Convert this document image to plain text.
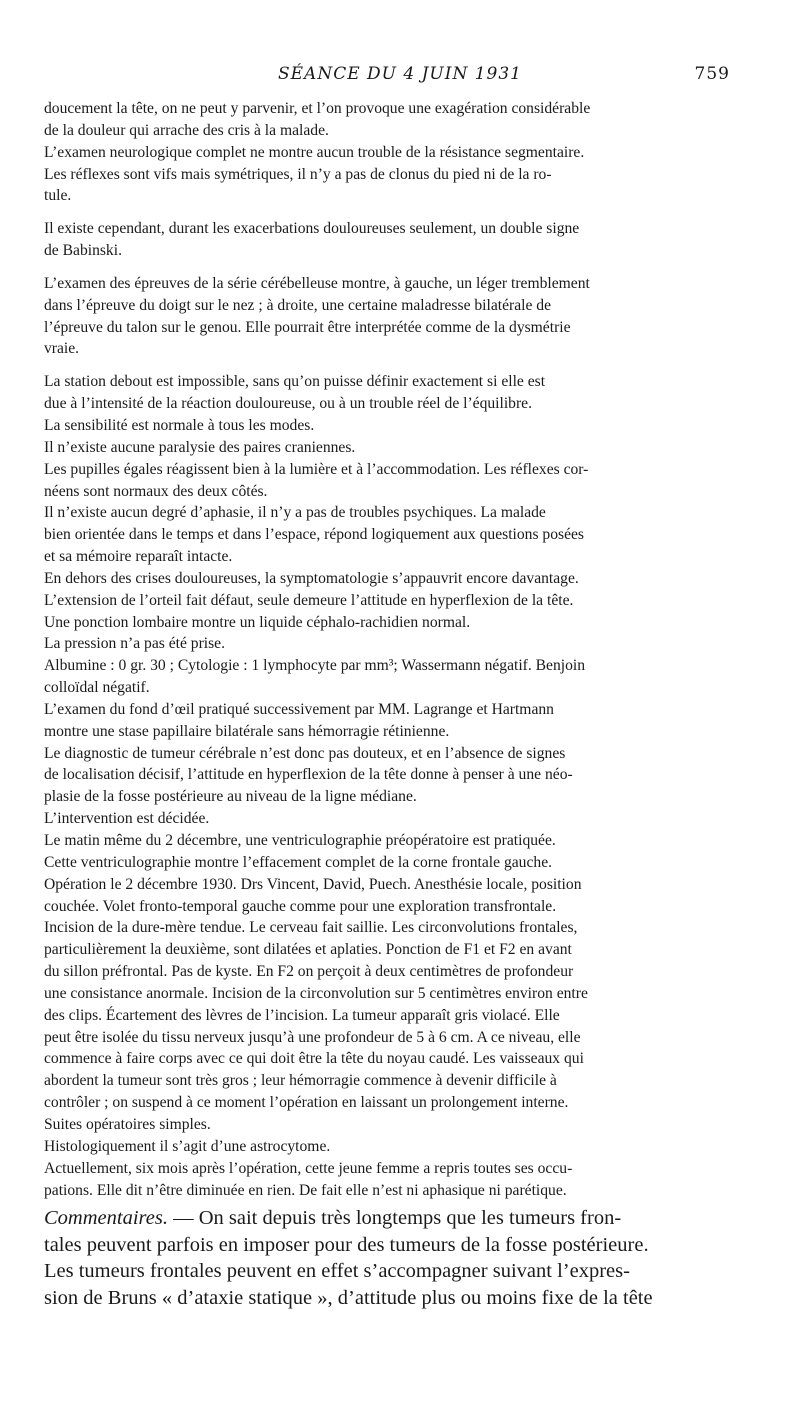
SÉANCE DU 4 JUIN 1931	759

doucement la tête, on ne peut y parvenir, et l’on provoque une exagération considérable

de la douleur qui arrache des cris à la malade.

L’examen neurologique complet ne montre aucun trouble de la résistance segmentaire.

Les réflexes sont vifs mais symétriques, il n’y a pas de clonus du pied ni de la ro-

tule.

Il existe cependant, durant les exacerbations douloureuses seulement, un double signe

de Babinski.

L’examen des épreuves de la série cérébelleuse montre, à gauche, un léger tremblement

dans l’épreuve du doigt sur le nez ; à droite, une certaine maladresse bilatérale de

l’épreuve du talon sur le genou. Elle pourrait être interprétée comme de la dysmétrie

vraie.

La station debout est impossible, sans qu’on puisse définir exactement si elle est

due à l’intensité de la réaction douloureuse, ou à un trouble réel de l’équilibre.

La sensibilité est normale à tous les modes.

Il n’existe aucune paralysie des paires craniennes.

Les pupilles égales réagissent bien à la lumière et à l’accommodation. Les réflexes cor-

néens sont normaux des deux côtés.

Il n’existe aucun degré d’aphasie, il n’y a pas de troubles psychiques. La malade

bien orientée dans le temps et dans l’espace, répond logiquement aux questions posées

et sa mémoire reparaît intacte.

En dehors des crises douloureuses, la symptomatologie s’appauvrit encore davantage.

L’extension de l’orteil fait défaut, seule demeure l’attitude en hyperflexion de la tête.

Une ponction lombaire montre un liquide céphalo-rachidien normal.

La pression n’a pas été prise.

Albumine : 0 gr. 30 ; Cytologie : 1 lymphocyte par mm³; Wassermann négatif. Benjoin

colloïdal négatif.

L’examen du fond d’œil pratiqué successivement par MM. Lagrange et Hartmann

montre une stase papillaire bilatérale sans hémorragie rétinienne.

Le diagnostic de tumeur cérébrale n’est donc pas douteux, et en l’absence de signes

de localisation décisif, l’attitude en hyperflexion de la tête donne à penser à une néo-

plasie de la fosse postérieure au niveau de la ligne médiane.

L’intervention est décidée.

Le matin même du 2 décembre, une ventriculographie préopératoire est pratiquée.

Cette ventriculographie montre l’effacement complet de la corne frontale gauche.

Opération le 2 décembre 1930. Drs Vincent, David, Puech. Anesthésie locale, position

couchée. Volet fronto-temporal gauche comme pour une exploration transfrontale.

Incision de la dure-mère tendue. Le cerveau fait saillie. Les circonvolutions frontales,

particulièrement la deuxième, sont dilatées et aplaties. Ponction de F1 et F2 en avant

du sillon préfrontal. Pas de kyste. En F2 on perçoit à deux centimètres de profondeur

une consistance anormale. Incision de la circonvolution sur 5 centimètres environ entre

des clips. Écartement des lèvres de l’incision. La tumeur apparaît gris violacé. Elle

peut être isolée du tissu nerveux jusqu’à une profondeur de 5 à 6 cm. A ce niveau, elle

commence à faire corps avec ce qui doit être la tête du noyau caudé. Les vaisseaux qui

abordent la tumeur sont très gros ; leur hémorragie commence à devenir difficile à

contrôler ; on suspend à ce moment l’opération en laissant un prolongement interne.

Suites opératoires simples.

Histologiquement il s’agit d’une astrocytome.

Actuellement, six mois après l’opération, cette jeune femme a repris toutes ses occu-

pations. Elle dit n’être diminuée en rien. De fait elle n’est ni aphasique ni parétique.

Commentaires. — On sait depuis très longtemps que les tumeurs fron-

tales peuvent parfois en imposer pour des tumeurs de la fosse postérieure.

Les tumeurs frontales peuvent en effet s’accompagner suivant l’expres-

sion de Bruns « d’ataxie statique », d’attitude plus ou moins fixe de la tête
